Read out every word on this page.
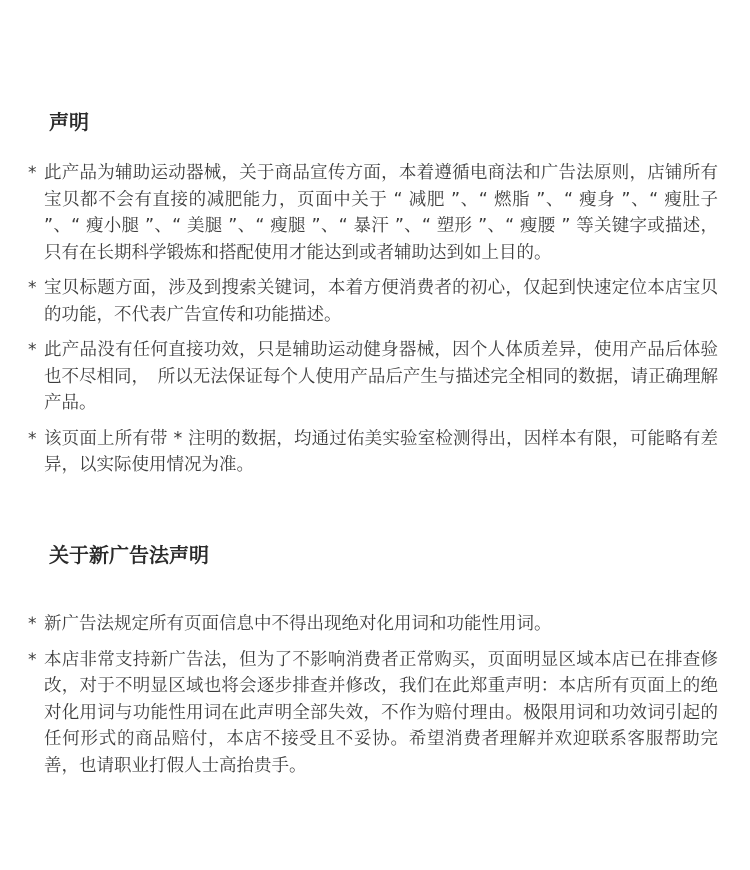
声明
* 此产品为辅助运动器械，关于商品宣传方面，本着遵循电商法和广告法原则，店铺所有宝贝都不会有直接的减肥能力，页面中关于 “ 减肥 ”、“ 燃脂 ”、“ 瘦身 ”、“ 瘦肚子 ”、“ 瘦小腿 ”、“ 美腿 ”、“ 瘦腿 ”、“ 暴汗 ”、“ 塑形 ”、“ 瘦腰 ” 等关键字或描述，只有在长期科学锻炼和搭配使用才能达到或者辅助达到如上目的。
* 宝贝标题方面，涉及到搜索关键词，本着方便消费者的初心，仅起到快速定位本店宝贝的功能，不代表广告宣传和功能描述。
* 此产品没有任何直接功效，只是辅助运动健身器械，因个人体质差异，使用产品后体验也不尽相同，　所以无法保证每个人使用产品后产生与描述完全相同的数据，请正确理解产品。
* 该页面上所有带 * 注明的数据，均通过佑美实验室检测得出，因样本有限，可能略有差异，以实际使用情况为准。
关于新广告法声明
* 新广告法规定所有页面信息中不得出现绝对化用词和功能性用词。
* 本店非常支持新广告法，但为了不影响消费者正常购买，页面明显区域本店已在排查修改，对于不明显区域也将会逐步排查并修改，我们在此郑重声明：本店所有页面上的绝对化用词与功能性用词在此声明全部失效，不作为赔付理由。极限用词和功效词引起的任何形式的商品赔付，本店不接受且不妥协。希望消费者理解并欢迎联系客服帮助完善，也请职业打假人士高抬贵手。
